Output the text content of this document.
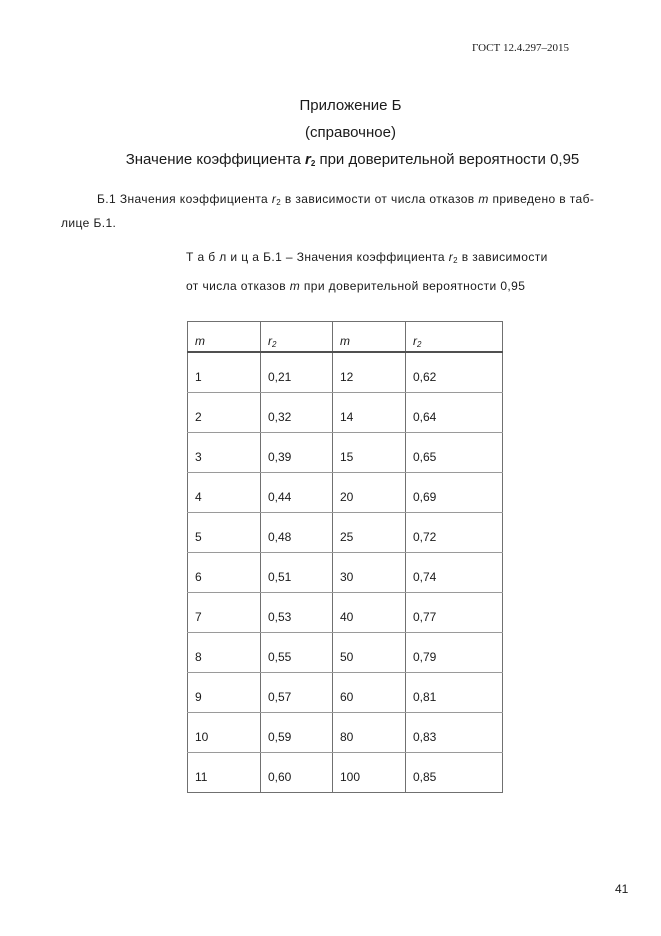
ГОСТ 12.4.297–2015
Приложение Б
(справочное)
Значение коэффициента $r_2$ при доверительной вероятности 0,95
Б.1 Значения коэффициента $r_2$ в зависимости от числа отказов m приведено в таб-
лице Б.1.
Т а б л и ц а Б.1 – Значения коэффициента $r_2$ в зависимости
от числа отказов m при доверительной вероятности 0,95
m	$r_2$	m	$r_2$
1	0,21	12	0,62
2	0,32	14	0,64
3	0,39	15	0,65
4	0,44	20	0,69
5	0,48	25	0,72
6	0,51	30	0,74
7	0,53	40	0,77
8	0,55	50	0,79
9	0,57	60	0,81
10	0,59	80	0,83
11	0,60	100	0,85
41
